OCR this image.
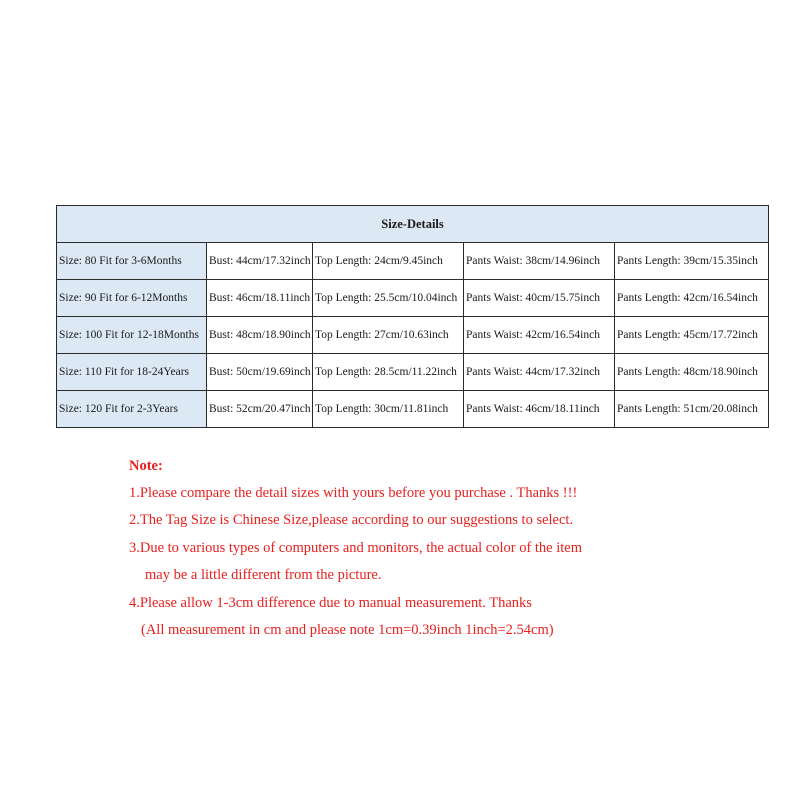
Size-Details				
Size: 80 Fit for 3-6Months	Bust: 44cm/17.32inch	Top Length: 24cm/9.45inch	Pants Waist: 38cm/14.96inch	Pants Length: 39cm/15.35inch
Size: 90 Fit for 6-12Months	Bust: 46cm/18.11inch	Top Length: 25.5cm/10.04inch	Pants Waist: 40cm/15.75inch	Pants Length: 42cm/16.54inch
Size: 100 Fit for 12-18Months	Bust: 48cm/18.90inch	Top Length: 27cm/10.63inch	Pants Waist: 42cm/16.54inch	Pants Length: 45cm/17.72inch
Size: 110 Fit for 18-24Years	Bust: 50cm/19.69inch	Top Length: 28.5cm/11.22inch	Pants Waist: 44cm/17.32inch	Pants Length: 48cm/18.90inch
Size: 120 Fit for 2-3Years	Bust: 52cm/20.47inch	Top Length: 30cm/11.81inch	Pants Waist: 46cm/18.11inch	Pants Length: 51cm/20.08inch
Note:
1.Please compare the detail sizes with yours before you purchase . Thanks !!!
2.The Tag Size is Chinese Size,please according to our suggestions to select.
3.Due to various types of computers and monitors, the actual color of the item
may be a little different from the picture.
4.Please allow 1-3cm difference due to manual measurement. Thanks
(All measurement in cm and please note 1cm=0.39inch 1inch=2.54cm)
